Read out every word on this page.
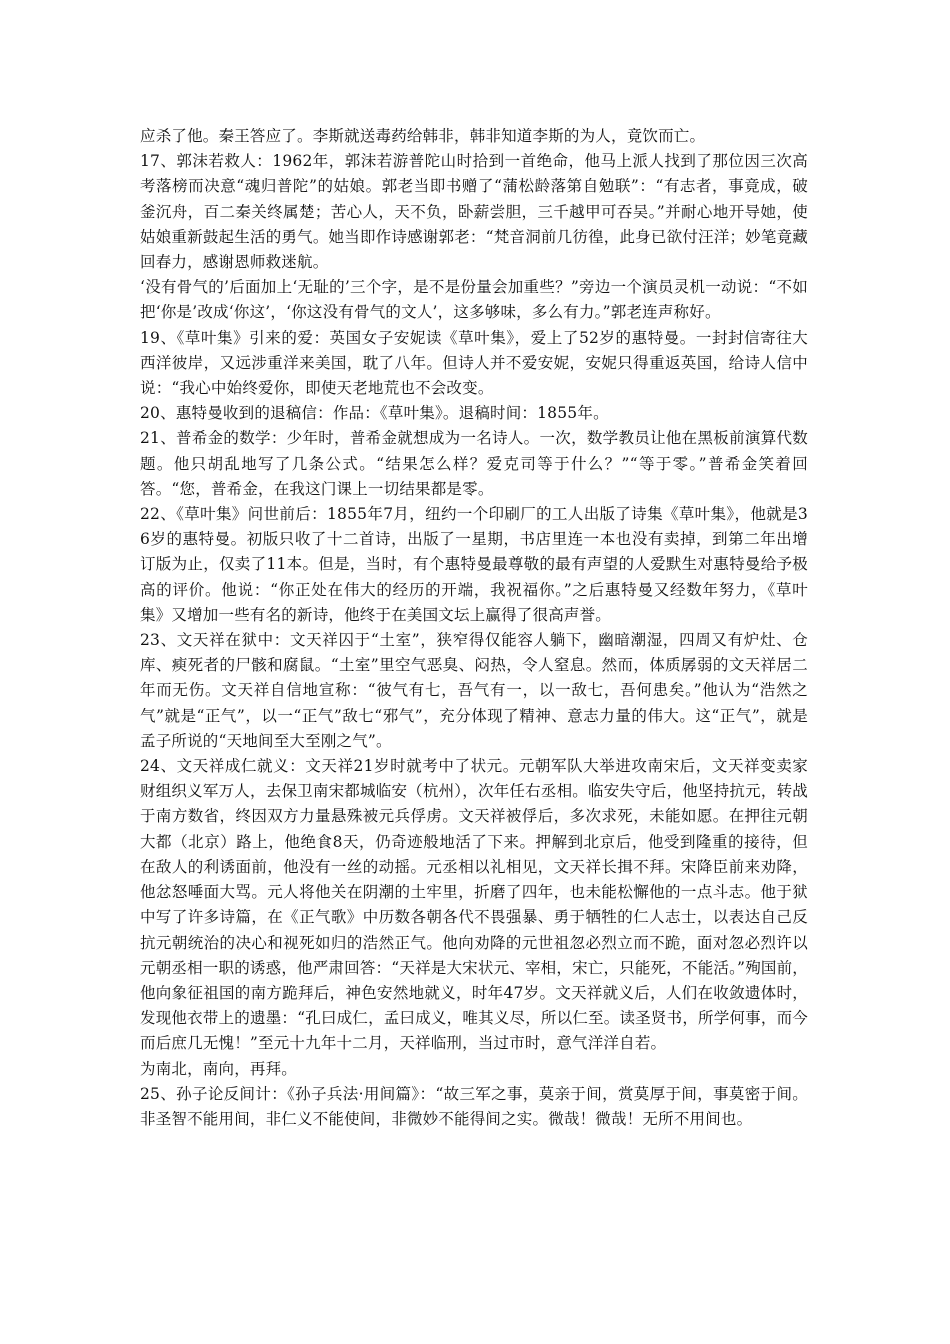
应杀了他。秦王答应了。李斯就送毒药给韩非，韩非知道李斯的为人，竟饮而亡。

17、郭沫若救人：1962年，郭沫若游普陀山时拾到一首绝命，他马上派人找到了那位因三次高考落榜而决意“魂归普陀”的姑娘。郭老当即书赠了“蒲松龄落第自勉联”：“有志者，事竟成，破釜沉舟，百二秦关终属楚；苦心人，天不负，卧薪尝胆，三千越甲可吞吴。”并耐心地开导她，使姑娘重新鼓起生活的勇气。她当即作诗感谢郭老：“梵音洞前几彷徨，此身已欲付汪洋；妙笔竟藏回春力，感谢恩师救迷航。

‘没有骨气的’后面加上‘无耻的’三个字，是不是份量会加重些？”旁边一个演员灵机一动说：“不如把‘你是’改成‘你这’，‘你这没有骨气的文人’，这多够味，多么有力。”郭老连声称好。

19、《草叶集》引来的爱：英国女子安妮读《草叶集》，爱上了52岁的惠特曼。一封封信寄往大西洋彼岸，又远涉重洋来美国，耽了八年。但诗人并不爱安妮，安妮只得重返英国，给诗人信中说：“我心中始终爱你，即使天老地荒也不会改变。

20、惠特曼收到的退稿信：作品：《草叶集》。退稿时间：1855年。

21、普希金的数学：少年时，普希金就想成为一名诗人。一次，数学教员让他在黑板前演算代数题。他只胡乱地写了几条公式。“结果怎么样？爱克司等于什么？”“等于零。”普希金笑着回答。“您，普希金，在我这门课上一切结果都是零。

22、《草叶集》问世前后：1855年7月，纽约一个印刷厂的工人出版了诗集《草叶集》，他就是36岁的惠特曼。初版只收了十二首诗，出版了一星期，书店里连一本也没有卖掉，到第二年出增订版为止，仅卖了11本。但是，当时，有个惠特曼最尊敬的最有声望的人爱默生对惠特曼给予极高的评价。他说：“你正处在伟大的经历的开端，我祝福你。”之后惠特曼又经数年努力，《草叶集》又增加一些有名的新诗，他终于在美国文坛上赢得了很高声誉。

23、文天祥在狱中：文天祥囚于“土室”，狭窄得仅能容人躺下，幽暗潮湿，四周又有炉灶、仓库、瘐死者的尸骸和腐鼠。“土室”里空气恶臭、闷热，令人窒息。然而，体质孱弱的文天祥居二年而无伤。文天祥自信地宣称：“彼气有七，吾气有一，以一敌七，吾何患矣。”他认为“浩然之气”就是“正气”，以一“正气”敌七“邪气”，充分体现了精神、意志力量的伟大。这“正气”，就是孟子所说的“天地间至大至刚之气”。

24、文天祥成仁就义：文天祥21岁时就考中了状元。元朝军队大举进攻南宋后，文天祥变卖家财组织义军万人，去保卫南宋都城临安（杭州），次年任右丞相。临安失守后，他坚持抗元，转战于南方数省，终因双方力量悬殊被元兵俘虏。文天祥被俘后，多次求死，未能如愿。在押往元朝大都（北京）路上，他绝食8天，仍奇迹般地活了下来。押解到北京后，他受到隆重的接待，但在敌人的利诱面前，他没有一丝的动摇。元丞相以礼相见，文天祥长揖不拜。宋降臣前来劝降，他忿怒唾面大骂。元人将他关在阴潮的土牢里，折磨了四年，也未能松懈他的一点斗志。他于狱中写了许多诗篇，在《正气歌》中历数各朝各代不畏强暴、勇于牺牲的仁人志士，以表达自己反抗元朝统治的决心和视死如归的浩然正气。他向劝降的元世祖忽必烈立而不跪，面对忽必烈许以元朝丞相一职的诱惑，他严肃回答：“天祥是大宋状元、宰相，宋亡，只能死，不能活。”殉国前，他向象征祖国的南方跪拜后，神色安然地就义，时年47岁。文天祥就义后，人们在收敛遗体时，发现他衣带上的遗墨：“孔曰成仁，孟曰成义，唯其义尽，所以仁至。读圣贤书，所学何事，而今而后庶几无愧！”至元十九年十二月，天祥临刑，当过市时，意气洋洋自若。

为南北，南向，再拜。

25、孙子论反间计：《孙子兵法·用间篇》：“故三军之事，莫亲于间，赏莫厚于间，事莫密于间。非圣智不能用间，非仁义不能使间，非微妙不能得间之实。微哉！微哉！无所不用间也。
